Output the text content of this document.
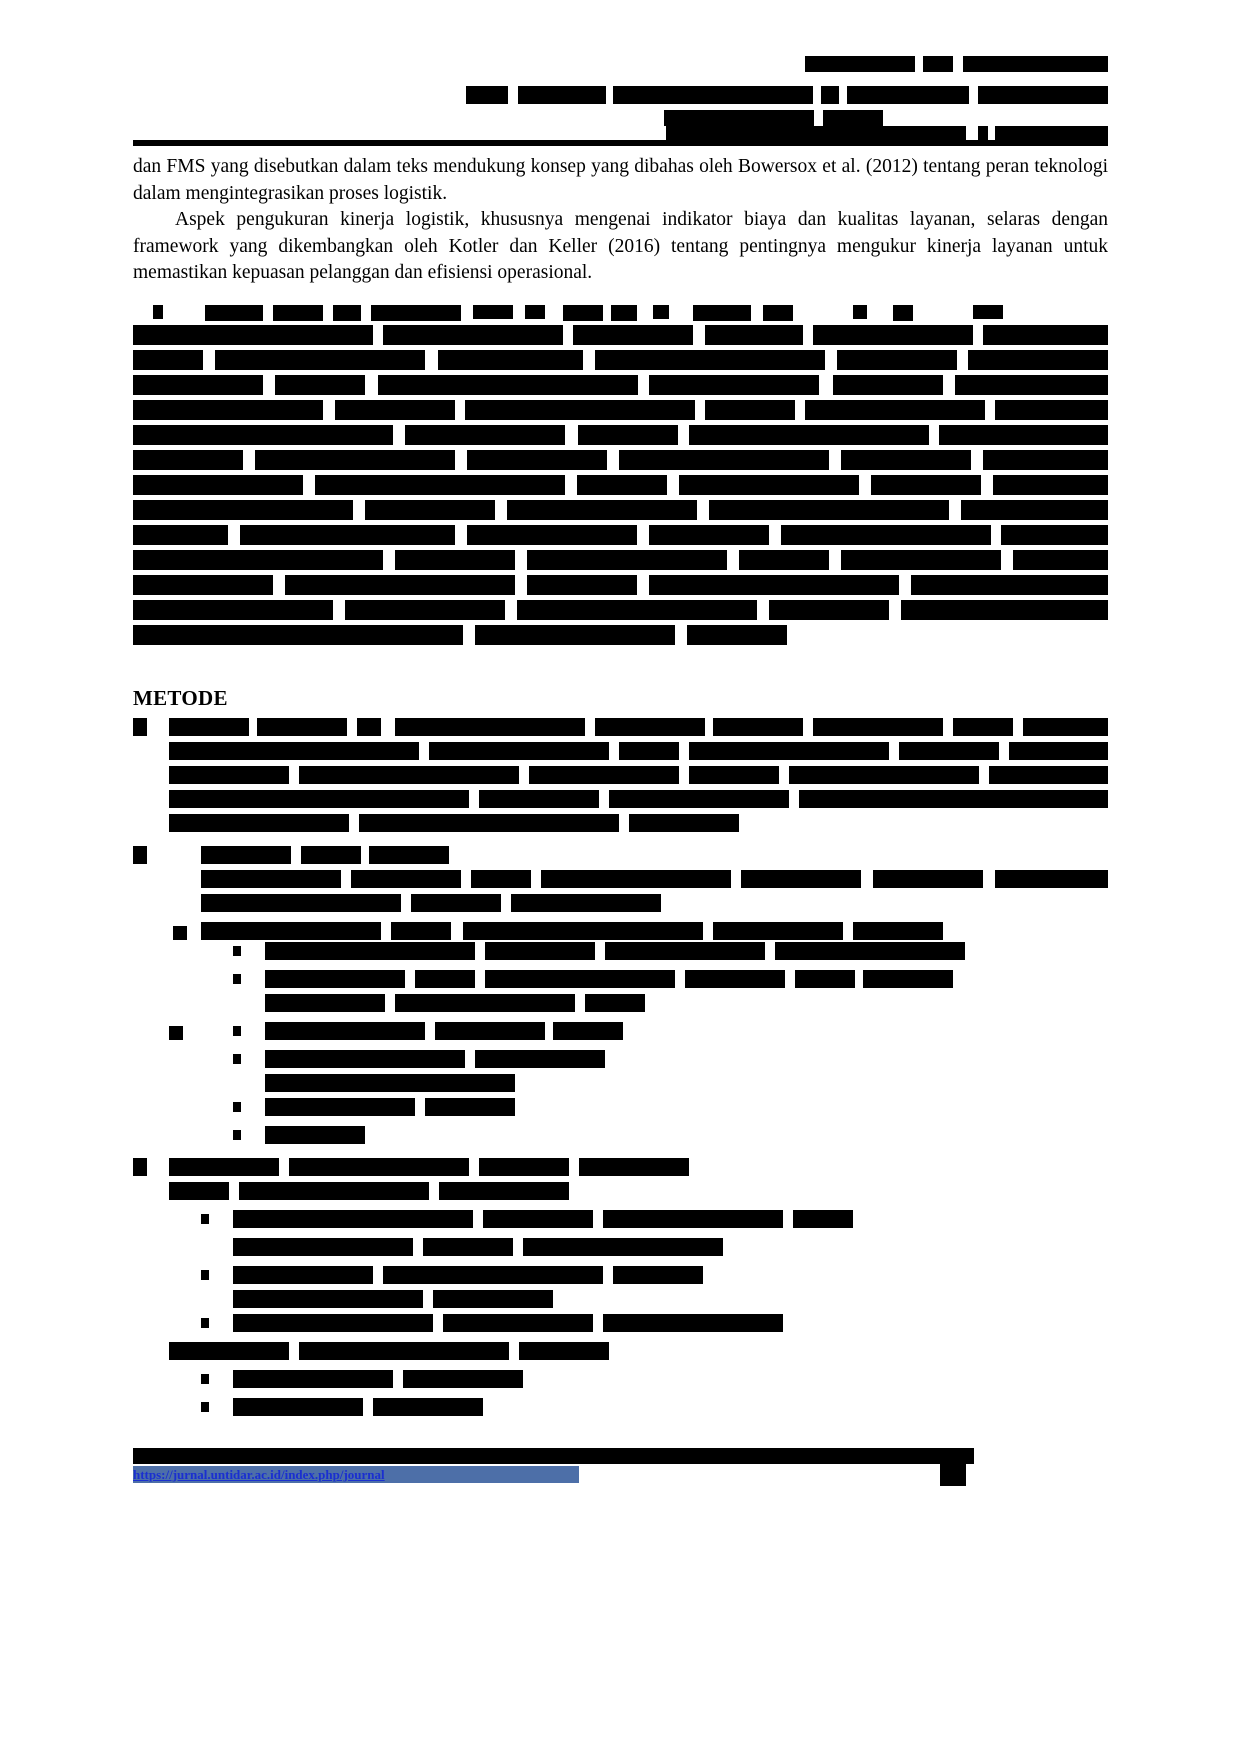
dan FMS yang disebutkan dalam teks mendukung konsep yang dibahas oleh Bowersox et al. (2012) tentang peran teknologi dalam mengintegrasikan proses logistik.
Aspek pengukuran kinerja logistik, khususnya mengenai indikator biaya dan kualitas layanan, selaras dengan framework yang dikembangkan oleh Kotler dan Keller (2016) tentang pentingnya mengukur kinerja layanan untuk memastikan kepuasan pelanggan dan efisiensi operasional.
METODE
https://jurnal.untidar.ac.id/index.php/journal
